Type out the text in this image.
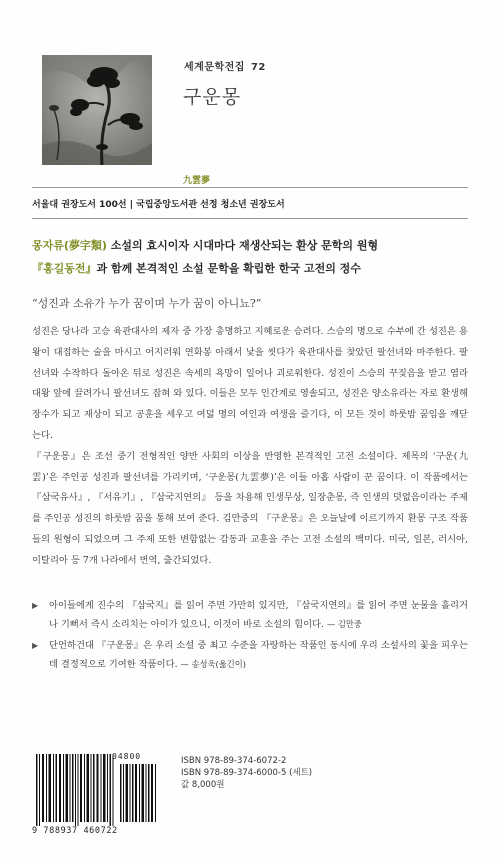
세계문학전집 72
구운몽
九雲夢
서울대 권장도서 100선 | 국립중앙도서관 선정 청소년 권장도서
몽자류(夢字類) 소설의 효시이자 시대마다 재생산되는 환상 문학의 원형
『홍길동전』과 함께 본격적인 소설 문학을 확립한 한국 고전의 정수
“성진과 소유가 누가 꿈이며 누가 꿈이 아니뇨?”

성진은 당나라 고승 육관대사의 제자 중 가장 총명하고 지혜로운 승려다. 스승의 명으로 수부에 간 성진은 용왕이 대접하는 술을 마시고 어지러워 연화봉 아래서 낯을 씻다가 육관대사를 찾았던 팔선녀와 마주한다. 팔선녀와 수작하다 돌아온 뒤로 성진은 속세의 욕망이 일어나 괴로워한다. 성진이 스승의 꾸짖음을 받고 염라대왕 앞에 끌려가니 팔선녀도 잡혀 와 있다. 이들은 모두 인간계로 영솔되고, 성진은 양소유라는 자로 환생해 장수가 되고 재상이 되고 공훈을 세우고 여덟 명의 여인과 여생을 즐기다, 이 모든 것이 하룻밤 꿈임을 깨닫는다.

『구운몽』은 조선 중기 전형적인 양반 사회의 이상을 반영한 본격적인 고전 소설이다. 제목의 ‘구운(九雲)’은 주인공 성진과 팔선녀를 가리키며, ‘구운몽(九雲夢)’은 이들 아홉 사람이 꾼 꿈이다. 이 작품에서는 『삼국유사』, 『서유기』, 『삼국지연의』 등을 차용해 인생무상, 일장춘몽, 즉 인생의 덧없음이라는 주제를 주인공 성진의 하룻밤 꿈을 통해 보여 준다. 김만중의 『구운몽』은 오늘날에 이르기까지 환몽 구조 작품들의 원형이 되었으며 그 주제 또한 변함없는 감동과 교훈을 주는 고전 소설의 백미다. 미국, 일본, 러시아, 이탈리아 등 7개 나라에서 번역, 출간되었다.

▶ 아이들에게 진수의 『삼국지』를 읽어 주면 가만히 있지만, 『삼국지연의』를 읽어 주면 눈물을 흘리거나 기뻐서 즉시 소리치는 아이가 있으니, 이것이 바로 소설의 힘이다. — 김만중
▶ 단언하건대 『구운몽』은 우리 소설 중 최고 수준을 자랑하는 작품인 동시에 우리 소설사의 꽃을 피우는 데 결정적으로 기여한 작품이다. — 송성욱(옮긴이)
04800
9 788937 460722
ISBN 978-89-374-6072-2
ISBN 978-89-374-6000-5 (세트)
값 8,000원
